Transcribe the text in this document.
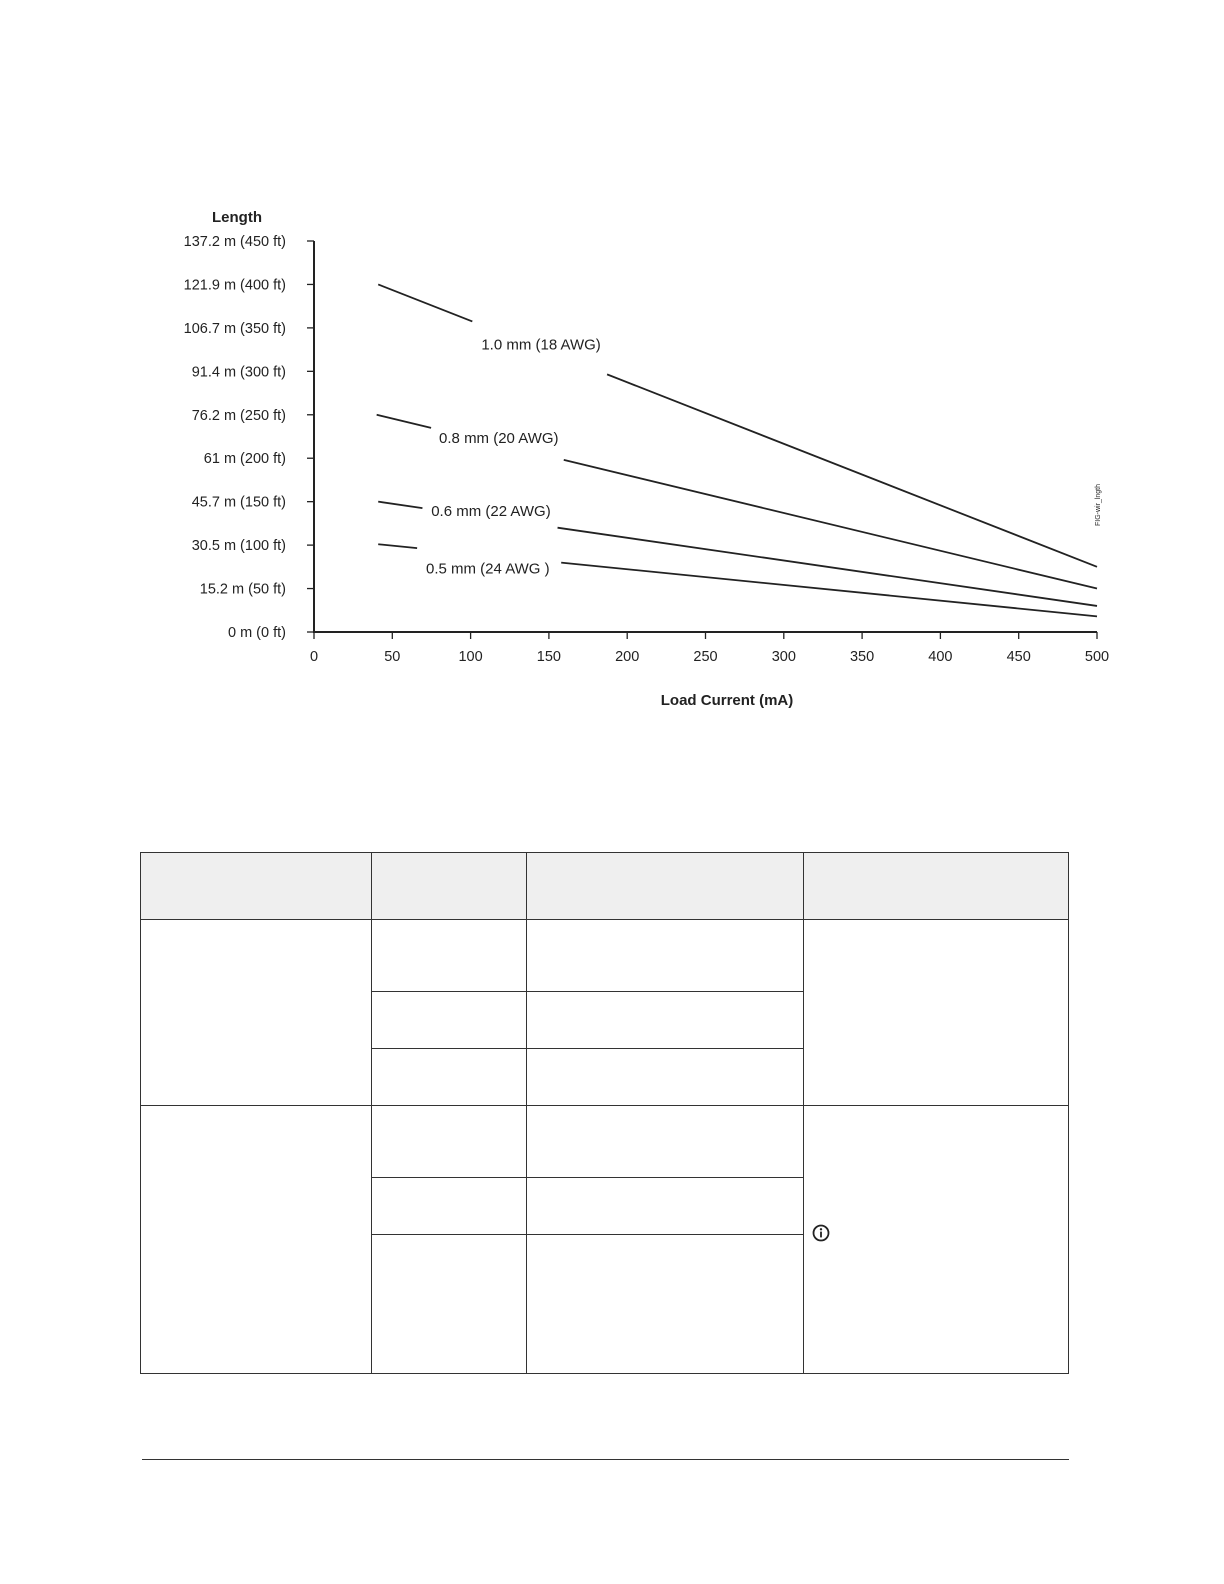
Length
Load Current (mA)
FIG-wir_lngth
137.2 m (450 ft)
121.9 m (400 ft)
106.7 m (350 ft)
91.4 m (300 ft)
76.2 m (250 ft)
61 m (200 ft)
45.7 m (150 ft)
30.5 m (100 ft)
15.2 m (50 ft)
0 m (0 ft)
0	50	100	150	200	250	300	350	400	450	500
1.0 mm (18 AWG)
0.8 mm (20 AWG)
0.6 mm (22 AWG)
0.5 mm (24 AWG )
